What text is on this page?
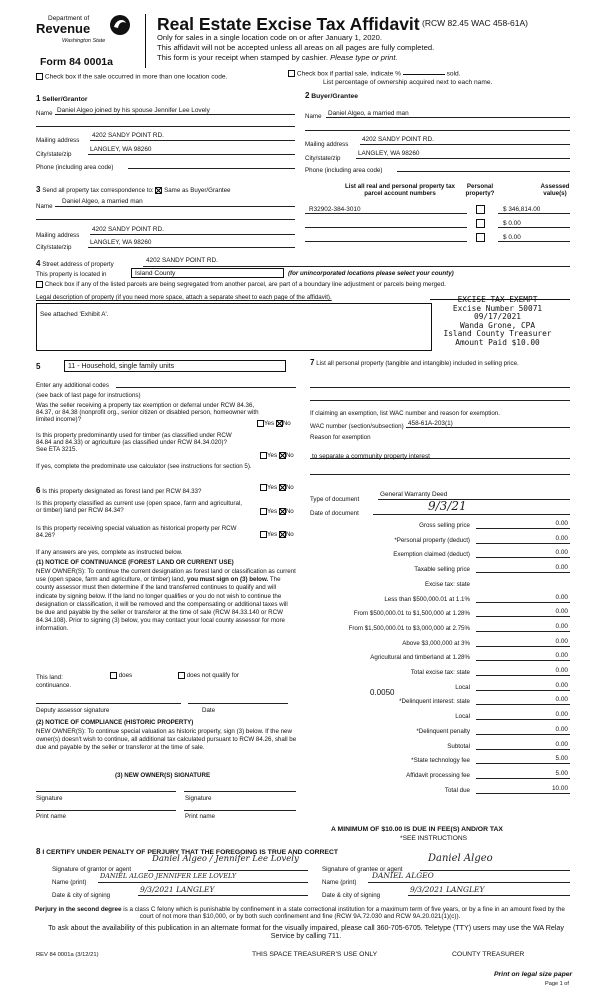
Department of
Revenue
Washington State
Form 84 0001a
Real Estate Excise Tax Affidavit (RCW 82.45 WAC 458-61A)
Only for sales in a single location code on or after January 1, 2020.
This affidavit will not be accepted unless all areas on all pages are fully completed.
This form is your receipt when stamped by cashier. Please type or print.
Check box if the sale occurred in more than one location code.	Check box if partial sale, indicate %	sold.
List percentage of ownership acquired next to each name.
1 Seller/Grantor
Name Daniel Algeo joined by his spouse Jennifer Lee Lovely
Mailing address
4202 SANDY POINT RD.
City/state/zip
LANGLEY, WA 98260
Phone (including area code)
2 Buyer/Grantee
Name Daniel Algeo, a married man
Mailing address
4202 SANDY POINT RD.
City/state/zip
LANGLEY, WA 98260
Phone (including area code)
3 Send all property tax correspondence to: Same as Buyer/Grantee
Name
Daniel Algeo, a married man
Mailing address
4202 SANDY POINT RD.
City/state/zip
LANGLEY, WA 98260
List all real and personal property tax
parcel account numbers
Personal
property?
Assessed
value(s)
R32902-384-3010	$ 346,814.00
$ 0.00
$ 0.00
4 Street address of property
4202 SANDY POINT RD.
This property is located in	Island County	(for unincorporated locations please select your county)
Check box if any of the listed parcels are being segregated from another parcel, are part of a boundary line adjustment or parcels being merged.
Legal description of property (if you need more space, attach a separate sheet to each page of the affidavit).
See attached 'Exhibit A'.
EXCISE TAX EXEMPT
Excise Number 50071
09/17/2021
Wanda Grone, CPA
Island County Treasurer
Amount Paid $10.00
5	11 - Household, single family units
Enter any additional codes
(see back of last page for instructions)
Was the seller receiving a property tax exemption or deferral under RCW 84.36, 84.37, or 84.38 (nonprofit org., senior citizen or disabled person, homeowner with limited income)?
Yes No
Is this property predominantly used for timber (as classified under RCW 84.84 and 84.33) or agriculture (as classified under RCW 84.34.020)? See ETA 3215.
Yes No
If yes, complete the predominate use calculator (see instructions for section 5).
6 Is this property designated as forest land per RCW 84.33?
Yes No
Is this property classified as current use (open space, farm and agricultural, or timber) land per RCW 84.34?	Yes No
Is this property receiving special valuation as historical property per RCW 84.26?	Yes No
If any answers are yes, complete as instructed below.
(1) NOTICE OF CONTINUANCE (FOREST LAND OR CURRENT USE)
NEW OWNER(S): To continue the current designation as forest land or classification as current use (open space, farm and agriculture, or timber) land, you must sign on (3) below. The county assessor must then determine if the land transferred continues to qualify and will indicate by signing below. If the land no longer qualifies or you do not wish to continue the designation or classification, it will be removed and the compensating or additional taxes will be due and payable by the seller or transferor at the time of sale (RCW 84.33.140 or RCW 84.34.108). Prior to signing (3) below, you may contact your local county assessor for more information.
This land:	does	does not qualify for
continuance.
Deputy assessor signature	Date
(2) NOTICE OF COMPLIANCE (HISTORIC PROPERTY)
NEW OWNER(S): To continue special valuation as historic property, sign (3) below. If the new owner(s) doesn't wish to continue, all additional tax calculated pursuant to RCW 84.26, shall be due and payable by the seller or transferor at the time of sale.
(3) NEW OWNER(S) SIGNATURE
Signature	Signature
Print name	Print name
7 List all personal property (tangible and intangible) included in selling price.
If claiming an exemption, list WAC number and reason for exemption.
WAC number (section/subsection) 458-61A-203(1)
Reason for exemption
to separate a community property interest
Type of document
General Warranty Deed
Date of document
9/3/21
Gross selling price	0.00
*Personal property (deduct)	0.00
Exemption claimed (deduct)	0.00
Taxable selling price	0.00
Excise tax: state
Less than $500,000.01 at 1.1%	0.00
From $500,000.01 to $1,500,000 at 1.28%	0.00
From $1,500,000.01 to $3,000,000 at 2.75%	0.00
Above $3,000,000 at 3%	0.00
Agricultural and timberland at 1.28%	0.00
Total excise tax: state	0.00
Local	0.00
*Delinquent interest: state	0.00
Local	0.00
*Delinquent penalty	0.00
Subtotal	0.00
*State technology fee	5.00
Affidavit processing fee	5.00
Total due	10.00
0.0050
A MINIMUM OF $10.00 IS DUE IN FEE(S) AND/OR TAX
*SEE INSTRUCTIONS
8 I CERTIFY UNDER PENALTY OF PERJURY THAT THE FOREGOING IS TRUE AND CORRECT
Signature of grantor or agent
Daniel Algeo / Jennifer Lee Lovely
Name (print)
DANIEL ALGEO JENNIFER LEE LOVELY
Date & city of signing
9/3/2021 LANGLEY
Signature of grantee or agent
Daniel Algeo
Name (print)
DANIEL ALGEO
Date & city of signing
9/3/2021 LANGLEY
Perjury in the second degree is a class C felony which is punishable by confinement in a state correctional institution for a maximum term of five years, or by a fine in an amount fixed by the court of not more than $10,000, or by both such confinement and fine (RCW 9A.72.030 and RCW 9A.20.021(1)(c)).
To ask about the availability of this publication in an alternate format for the visually impaired, please call 360-705-6705. Teletype (TTY) users may use the WA Relay Service by calling 711.
REV 84 0001a (3/12/21)	THIS SPACE TREASURER'S USE ONLY	COUNTY TREASURER
Print on legal size paper
Page 1 of
